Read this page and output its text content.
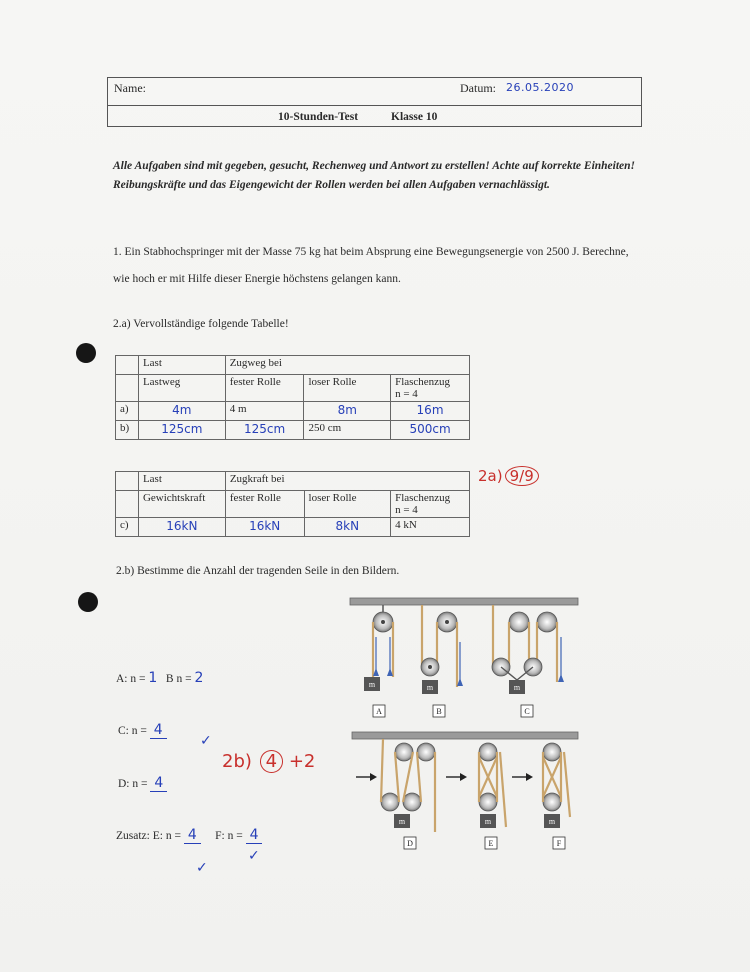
Name:	Datum: 26.05.2020
10-Stunden-Test	Klasse 10
Alle Aufgaben sind mit gegeben, gesucht, Rechenweg und Antwort zu erstellen! Achte auf korrekte Einheiten! Reibungskräfte und das Eigengewicht der Rollen werden bei allen Aufgaben vernachlässigt.
1. Ein Stabhochspringer mit der Masse 75 kg hat beim Absprung eine Bewegungsenergie von 2500 J. Berechne, wie hoch er mit Hilfe dieser Energie höchstens gelangen kann.
2.a) Vervollständige folgende Tabelle!
	Last	Zugweg bei		
	Lastweg	fester Rolle	loser Rolle	Flaschenzug
n = 4

a)	4m	4 m	8m	16m
b)	125cm	125cm	250 cm	500cm
	Last	Zugkraft bei		
	Gewichtskraft	fester Rolle	loser Rolle	Flaschenzug
n = 4

c)	16kN	16kN	8kN	4 kN
2a) 9/9
2.b) Bestimme die Anzahl der tragenden Seile in den Bildern.
A: n = 1 B n = 2
C: n = 4
D: n = 4
Zusatz: E: n = 4 F: n = 4
✓
✓
✓
2b) 4 +2
m
A
m
B
m
C
m
D
m
E
m
F
